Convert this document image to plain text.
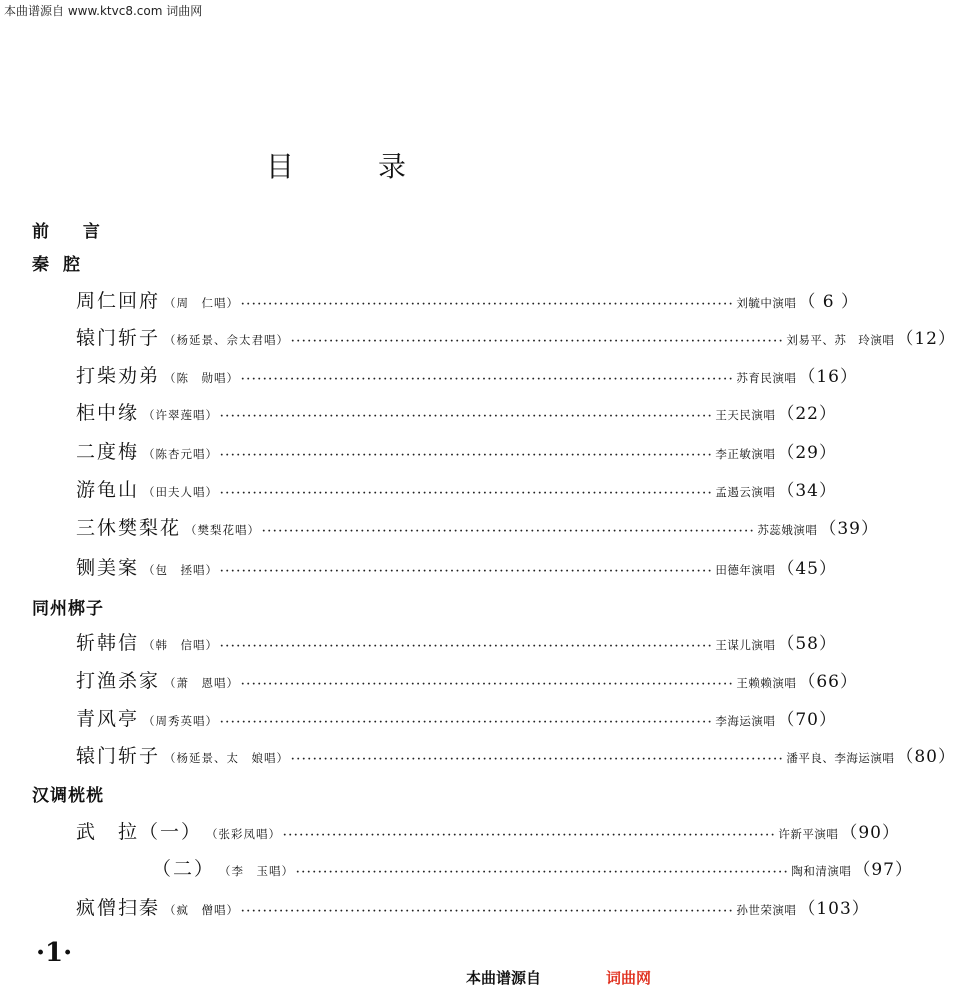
本曲谱源自 www.ktvc8.com 词曲网
目	录
前 言
秦腔
周仁回府 （周　仁唱） ·························································································· 刘毓中演唱 （ 6 ）
辕门斩子 （杨延景、佘太君唱） ·························································································· 刘易平、苏　玲演唱 （12）
打柴劝弟 （陈　勋唱） ·························································································· 苏育民演唱 （16）
柜中缘 （许翠莲唱） ·························································································· 王天民演唱 （22）
二度梅 （陈杏元唱） ·························································································· 李正敏演唱 （29）
游龟山 （田夫人唱） ·························································································· 孟遏云演唱 （34）
三休樊梨花 （樊梨花唱） ·························································································· 苏蕊娥演唱 （39）
铡美案 （包　拯唱） ·························································································· 田德年演唱 （45）
同州梆子
斩韩信 （韩　信唱） ·························································································· 王谋儿演唱 （58）
打渔杀家 （萧　恩唱） ·························································································· 王赖赖演唱 （66）
青风亭 （周秀英唱） ·························································································· 李海运演唱 （70）
辕门斩子 （杨延景、太　娘唱） ·························································································· 潘平良、李海运演唱 （80）
汉调桄桄
武　拉（一） （张彩凤唱） ·························································································· 许新平演唱 （90）
（二） （李　玉唱） ·························································································· 陶和清演唱 （97）
疯僧扫秦 （疯　僧唱） ·························································································· 孙世荣演唱 （103）
·1·
本曲谱源自	词曲网
